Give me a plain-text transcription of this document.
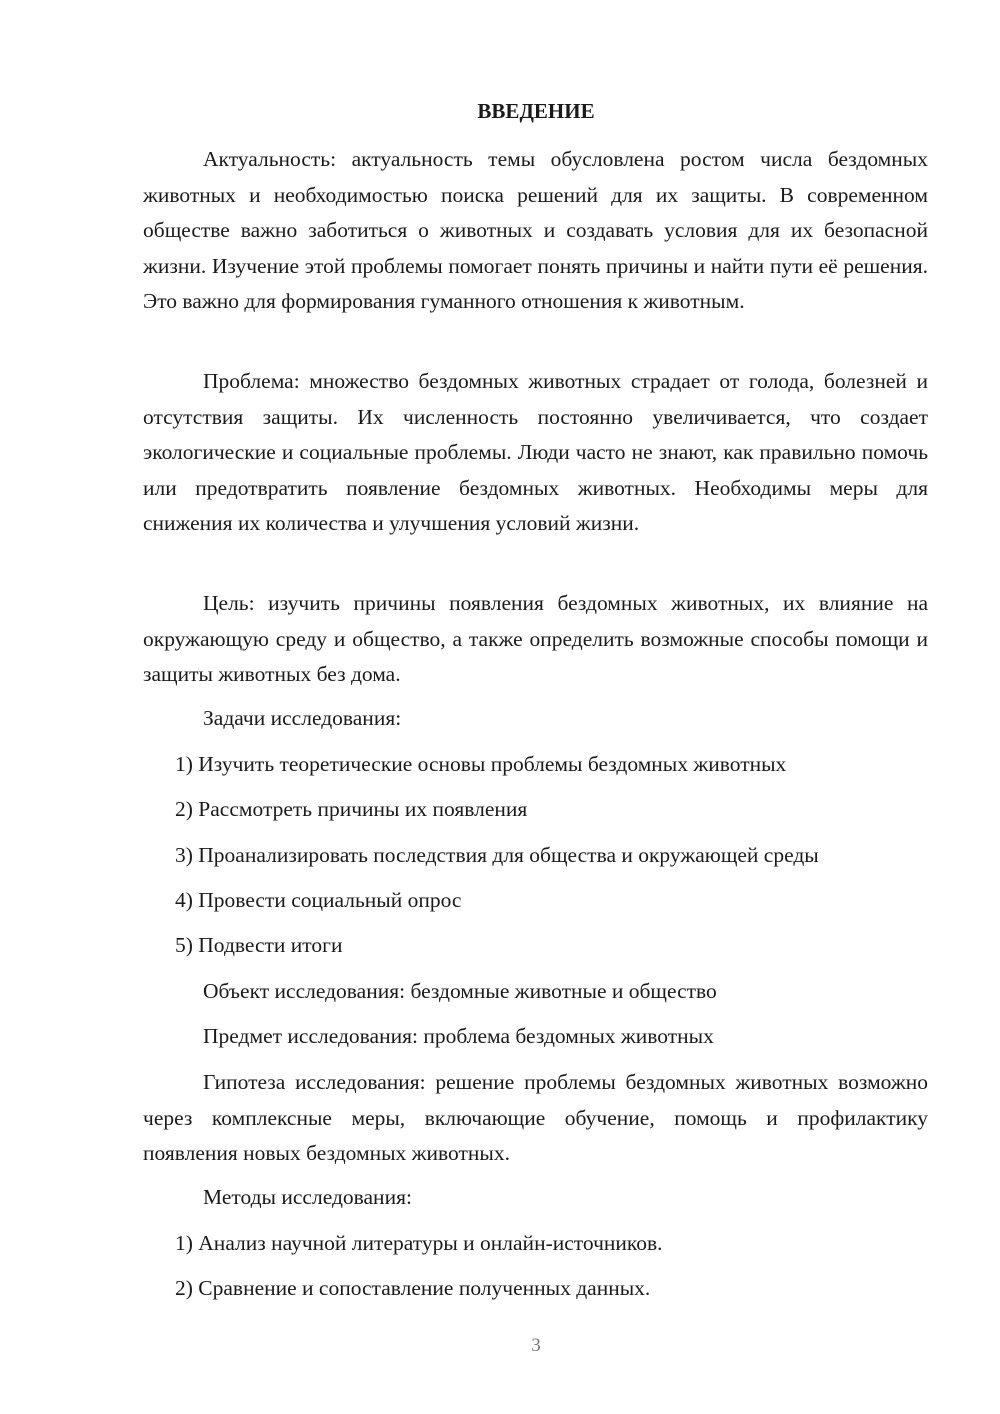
ВВЕДЕНИЕ

Актуальность: актуальность темы обусловлена ростом числа бездомных животных и необходимостью поиска решений для их защиты. В современном обществе важно заботиться о животных и создавать условия для их безопасной жизни. Изучение этой проблемы помогает понять причины и найти пути её решения. Это важно для формирования гуманного отношения к животным.

Проблема: множество бездомных животных страдает от голода, болезней и отсутствия защиты. Их численность постоянно увеличивается, что создает экологические и социальные проблемы. Люди часто не знают, как правильно помочь или предотвратить появление бездомных животных. Необходимы меры для снижения их количества и улучшения условий жизни.

Цель: изучить причины появления бездомных животных, их влияние на окружающую среду и общество, а также определить возможные способы помощи и защиты животных без дома.

Задачи исследования:

1) Изучить теоретические основы проблемы бездомных животных

2) Рассмотреть причины их появления

3) Проанализировать последствия для общества и окружающей среды

4) Провести социальный опрос

5) Подвести итоги

Объект исследования: бездомные животные и общество

Предмет исследования: проблема бездомных животных

Гипотеза исследования: решение проблемы бездомных животных возможно через комплексные меры, включающие обучение, помощь и профилактику появления новых бездомных животных.

Методы исследования:

1) Анализ научной литературы и онлайн-источников.

2) Сравнение и сопоставление полученных данных.

3
